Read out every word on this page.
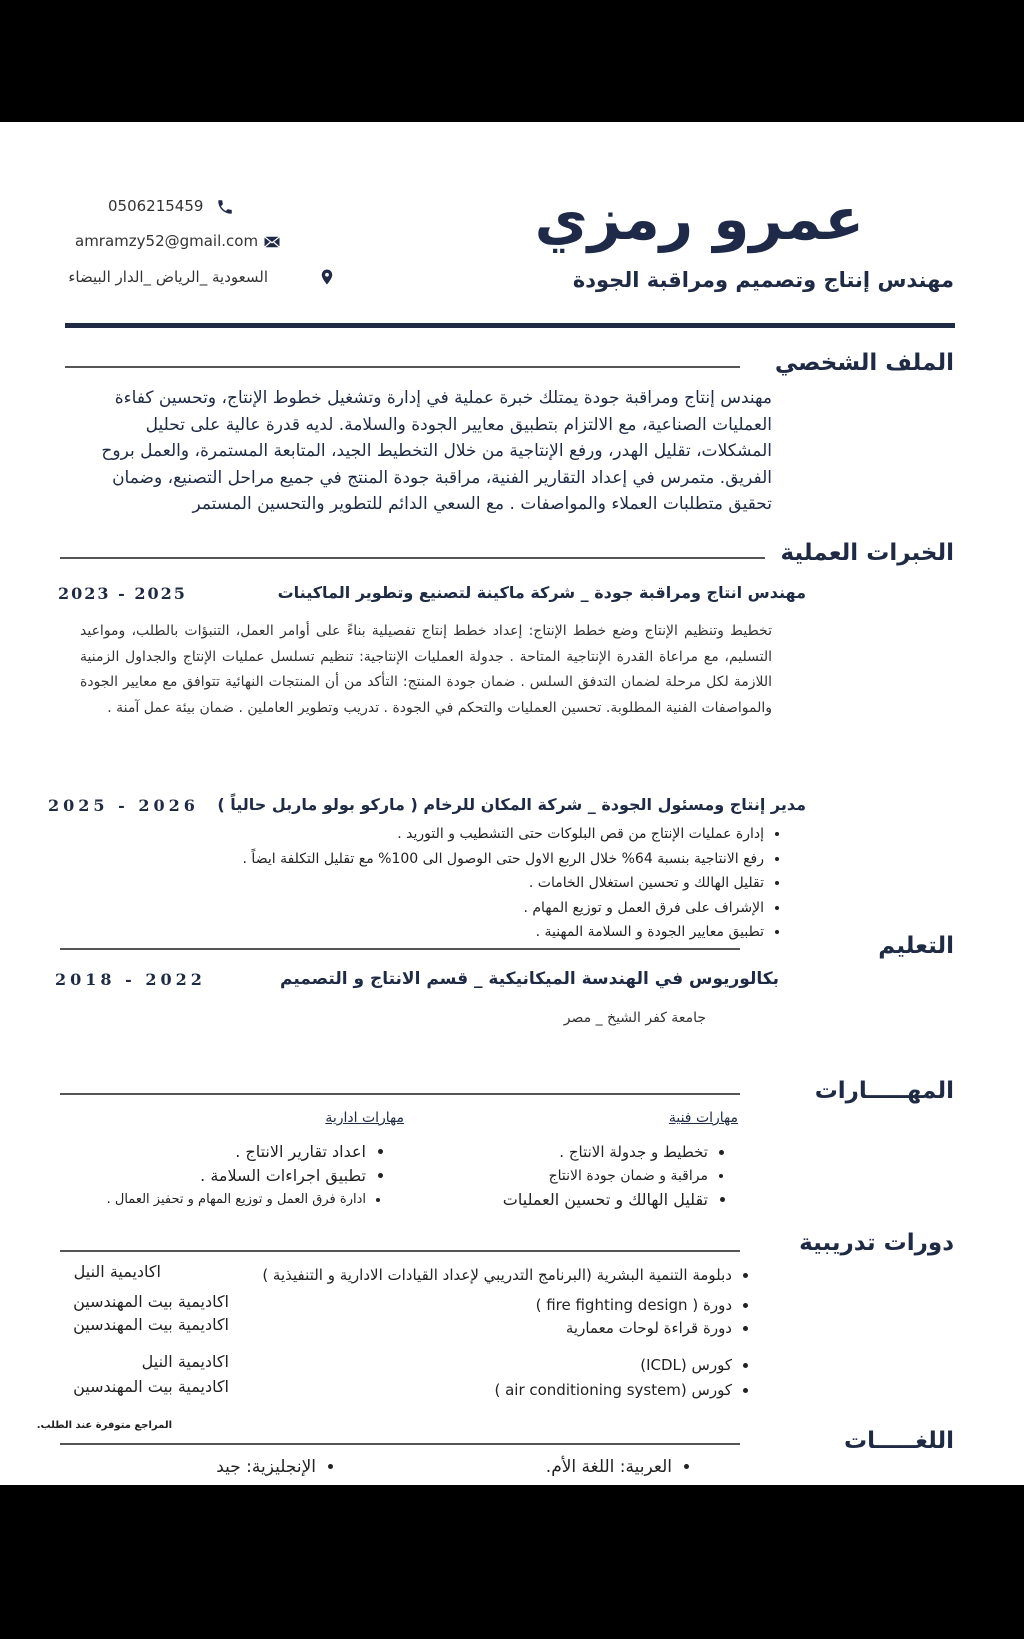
عمرو رمزي
مهندس إنتاج وتصميم ومراقبة الجودة
0506215459
amramzy52@gmail.com
السعودية _الرياض _الدار البيضاء
الملف الشخصي
مهندس إنتاج ومراقبة جودة يمتلك خبرة عملية في إدارة وتشغيل خطوط الإنتاج، وتحسين كفاءة العمليات الصناعية، مع الالتزام بتطبيق معايير الجودة والسلامة. لديه قدرة عالية على تحليل المشكلات، تقليل الهدر، ورفع الإنتاجية من خلال التخطيط الجيد، المتابعة المستمرة، والعمل بروح الفريق. متمرس في إعداد التقارير الفنية، مراقبة جودة المنتج في جميع مراحل التصنيع، وضمان تحقيق متطلبات العملاء والمواصفات . مع السعي الدائم للتطوير والتحسين المستمر
الخبرات العملية
مهندس انتاج ومراقبة جودة _ شركة ماكينة لتصنيع وتطوير الماكينات
2023 - 2025
تخطيط وتنظيم الإنتاج وضع خطط الإنتاج: إعداد خطط إنتاج تفصيلية بناءً على أوامر العمل، التنبؤات بالطلب، ومواعيد التسليم، مع مراعاة القدرة الإنتاجية المتاحة . جدولة العمليات الإنتاجية: تنظيم تسلسل عمليات الإنتاج والجداول الزمنية اللازمة لكل مرحلة لضمان التدفق السلس . ضمان جودة المنتج: التأكد من أن المنتجات النهائية تتوافق مع معايير الجودة والمواصفات الفنية المطلوبة. تحسين العمليات والتحكم في الجودة . تدريب وتطوير العاملين . ضمان بيئة عمل آمنة .
مدير إنتاج ومسئول الجودة _ شركة المكان للرخام ( ماركو بولو ماربل حالياً )
2025 - 2026
• إدارة عمليات الإنتاج من قص البلوكات حتى التشطيب و التوريد .
• رفع الانتاجية بنسبة 64% خلال الربع الاول حتى الوصول الى 100% مع تقليل التكلفة ايضاً .
• تقليل الهالك و تحسين استغلال الخامات .
• الإشراف على فرق العمل و توزيع المهام .
• تطبيق معايير الجودة و السلامة المهنية .
التعليم
بكالوريوس في الهندسة الميكانيكية _ قسم الانتاج و التصميم
2018 - 2022
جامعة كفر الشيخ _ مصر
المهـــــارات
مهارات فنية
مهارات ادارية
• تخطيط و جدولة الانتاج .
• مراقبة و ضمان جودة الانتاج
• تقليل الهالك و تحسين العمليات
• اعداد تقارير الانتاج .
• تطبيق اجراءات السلامة .
• ادارة فرق العمل و توزيع المهام و تحفيز العمال .
دورات تدريبية
• دبلومة التنمية البشرية (البرنامج التدريبي لإعداد القيادات الادارية و التنفيذية )
اكاديمية النيل
• دورة ( fire fighting design )
اكاديمية بيت المهندسين
• دورة قراءة لوحات معمارية
اكاديمية بيت المهندسين
• كورس (ICDL)
اكاديمية النيل
• كورس (air conditioning system )
اكاديمية بيت المهندسين
المراجع متوفرة عند الطلب.
اللغـــــات
• العربية: اللغة الأم.
• الإنجليزية: جيد
